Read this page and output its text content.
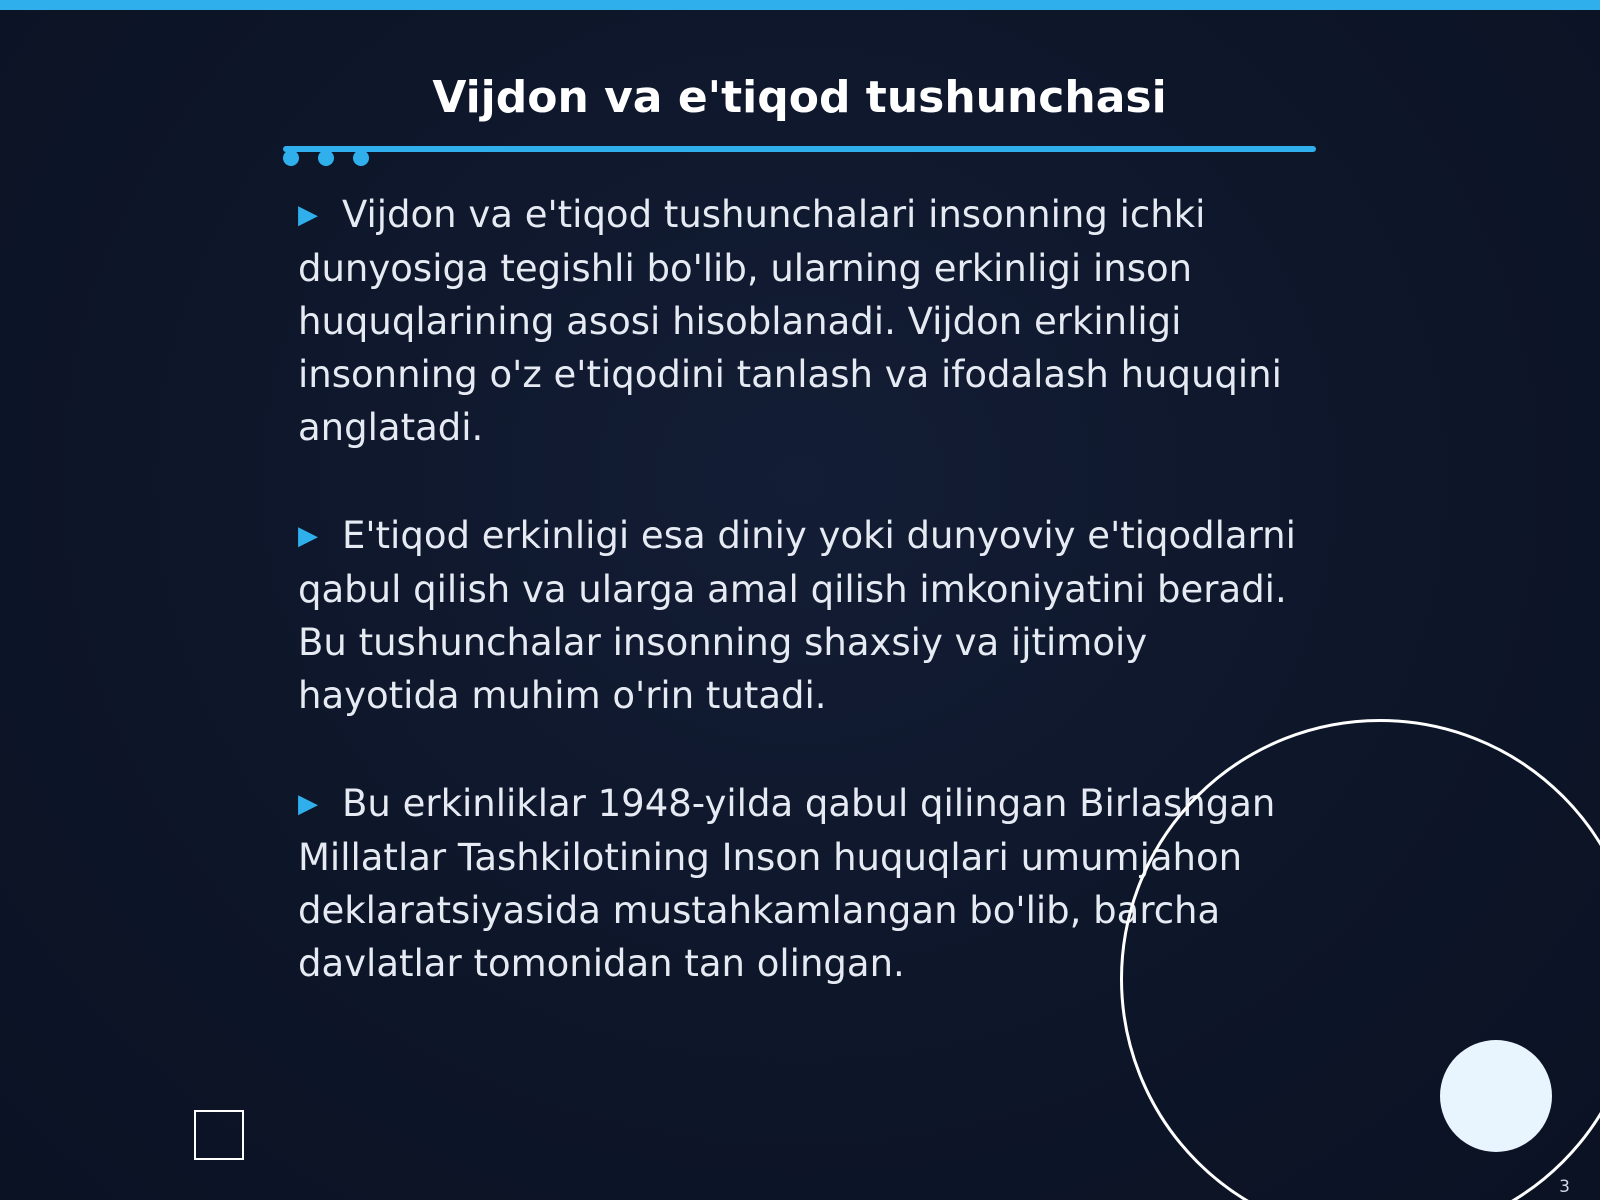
Vijdon va e'tiqod tushunchasi

▶ Vijdon va e'tiqod tushunchalari insonning ichki dunyosiga tegishli bo'lib, ularning erkinligi inson huquqlarining asosi hisoblanadi. Vijdon erkinligi insonning o'z e'tiqodini tanlash va ifodalash huquqini anglatadi.

▶ E'tiqod erkinligi esa diniy yoki dunyoviy e'tiqodlarni qabul qilish va ularga amal qilish imkoniyatini beradi. Bu tushunchalar insonning shaxsiy va ijtimoiy hayotida muhim o'rin tutadi.

▶ Bu erkinliklar 1948-yilda qabul qilingan Birlashgan Millatlar Tashkilotining Inson huquqlari umumjahon deklaratsiyasida mustahkamlangan bo'lib, barcha davlatlar tomonidan tan olingan.

3
